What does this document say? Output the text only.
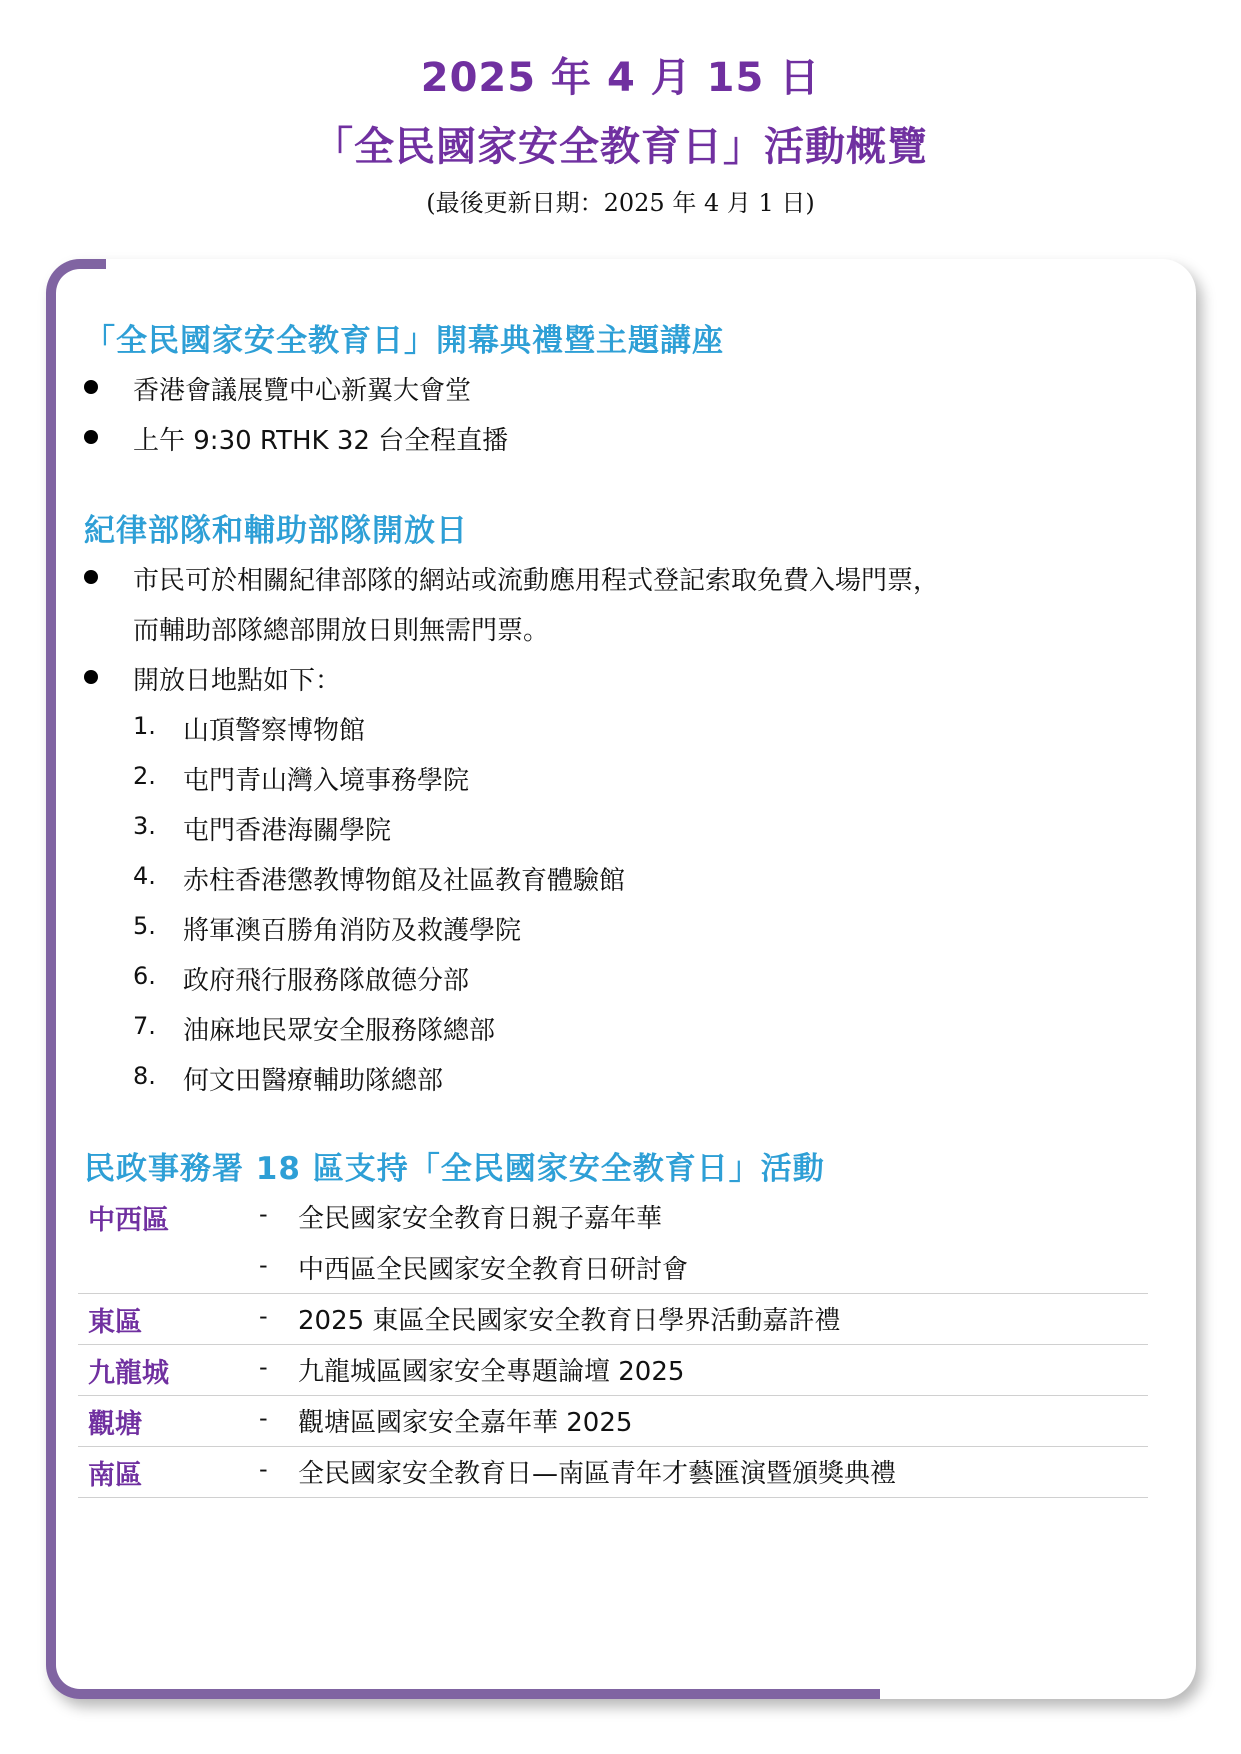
2025 年 4 月 15 日
「全民國家安全教育日」活動概覽
(最後更新日期：2025 年 4 月 1 日)
「全民國家安全教育日」開幕典禮暨主題講座
香港會議展覽中心新翼大會堂
上午 9:30 RTHK 32 台全程直播
紀律部隊和輔助部隊開放日
市民可於相關紀律部隊的網站或流動應用程式登記索取免費入場門票，
而輔助部隊總部開放日則無需門票。
開放日地點如下：
1. 山頂警察博物館
2. 屯門青山灣入境事務學院
3. 屯門香港海關學院
4. 赤柱香港懲教博物館及社區教育體驗館
5. 將軍澳百勝角消防及救護學院
6. 政府飛行服務隊啟德分部
7. 油麻地民眾安全服務隊總部
8. 何文田醫療輔助隊總部
民政事務署 18 區支持「全民國家安全教育日」活動
中西區	- 全民國家安全教育日親子嘉年華
- 中西區全民國家安全教育日研討會
東區	- 2025 東區全民國家安全教育日學界活動嘉許禮
九龍城	- 九龍城區國家安全專題論壇 2025
觀塘	- 觀塘區國家安全嘉年華 2025
南區	- 全民國家安全教育日—南區青年才藝匯演暨頒獎典禮
